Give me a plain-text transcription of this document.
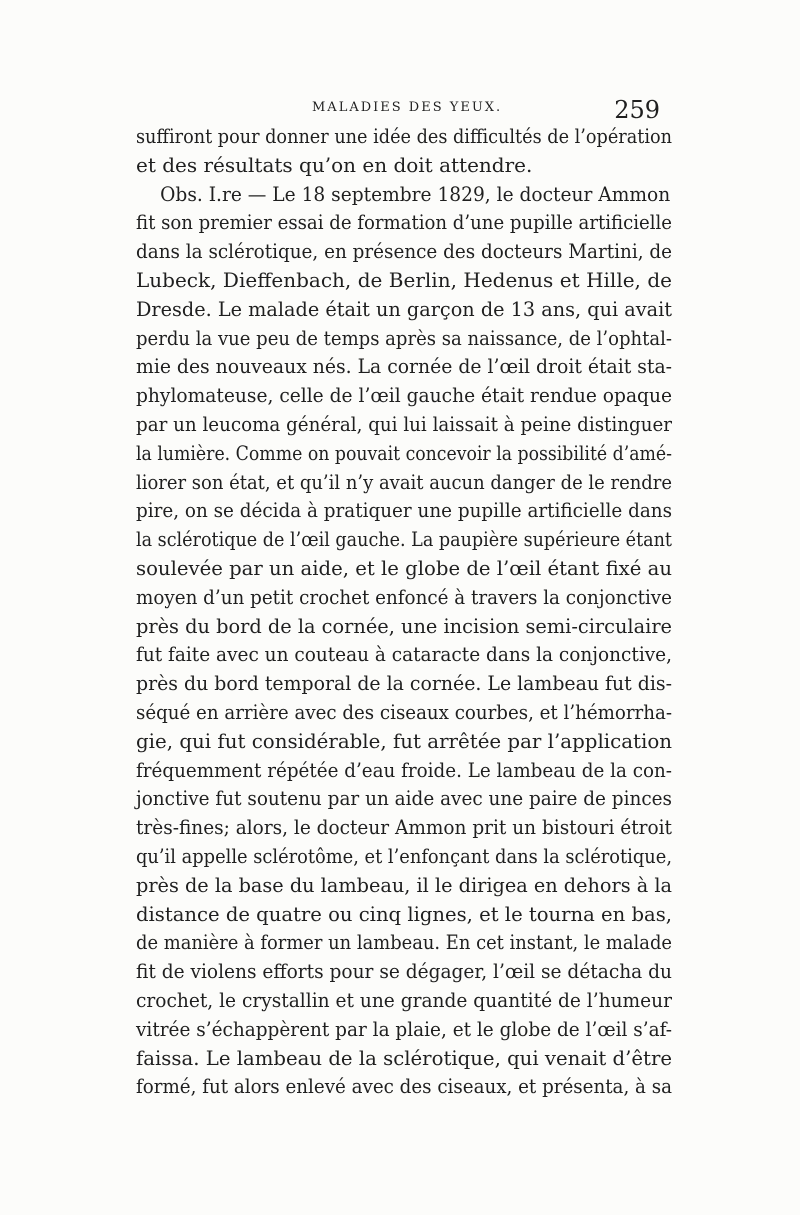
MALADIES DES YEUX.	259
suffiront pour donner une idée des difficultés de l’opération
et des résultats qu’on en doit attendre.
Obs. I.re — Le 18 septembre 1829, le docteur Ammon
fit son premier essai de formation d’une pupille artificielle
dans la sclérotique, en présence des docteurs Martini, de
Lubeck, Dieffenbach, de Berlin, Hedenus et Hille, de
Dresde. Le malade était un garçon de 13 ans, qui avait
perdu la vue peu de temps après sa naissance, de l’ophtal-
mie des nouveaux nés. La cornée de l’œil droit était sta-
phylomateuse, celle de l’œil gauche était rendue opaque
par un leucoma général, qui lui laissait à peine distinguer
la lumière. Comme on pouvait concevoir la possibilité d’amé-
liorer son état, et qu’il n’y avait aucun danger de le rendre
pire, on se décida à pratiquer une pupille artificielle dans
la sclérotique de l’œil gauche. La paupière supérieure étant
soulevée par un aide, et le globe de l’œil étant fixé au
moyen d’un petit crochet enfoncé à travers la conjonctive
près du bord de la cornée, une incision semi-circulaire
fut faite avec un couteau à cataracte dans la conjonctive,
près du bord temporal de la cornée. Le lambeau fut dis-
séqué en arrière avec des ciseaux courbes, et l’hémorrha-
gie, qui fut considérable, fut arrêtée par l’application
fréquemment répétée d’eau froide. Le lambeau de la con-
jonctive fut soutenu par un aide avec une paire de pinces
très-fines; alors, le docteur Ammon prit un bistouri étroit
qu’il appelle sclérotôme, et l’enfonçant dans la sclérotique,
près de la base du lambeau, il le dirigea en dehors à la
distance de quatre ou cinq lignes, et le tourna en bas,
de manière à former un lambeau. En cet instant, le malade
fit de violens efforts pour se dégager, l’œil se détacha du
crochet, le crystallin et une grande quantité de l’humeur
vitrée s’échappèrent par la plaie, et le globe de l’œil s’af-
faissa. Le lambeau de la sclérotique, qui venait d’être
formé, fut alors enlevé avec des ciseaux, et présenta, à sa
